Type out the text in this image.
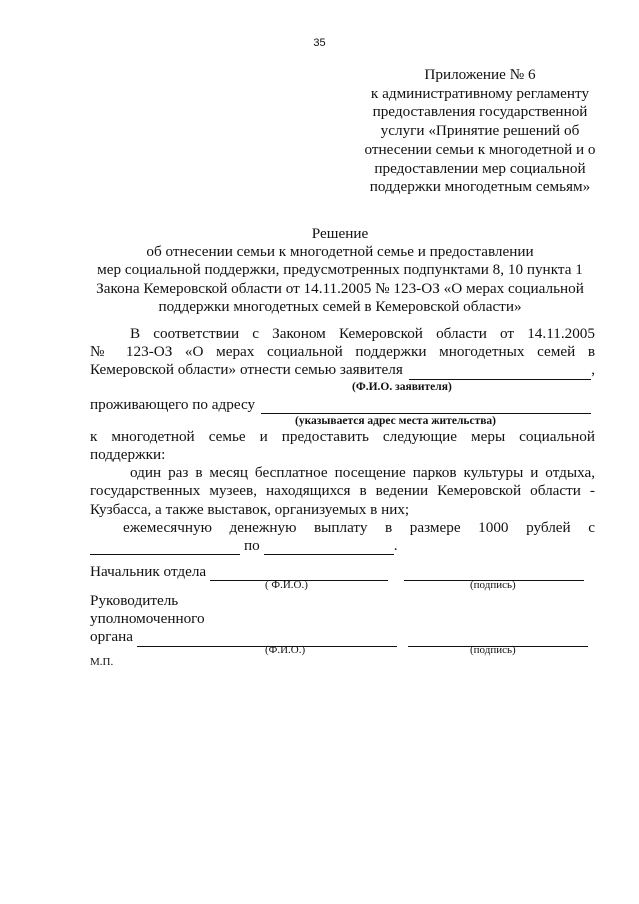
35
Приложение № 6
к административному регламенту
предоставления государственной
услуги «Принятие решений об
отнесении семьи к многодетной и о
предоставлении мер социальной
поддержки многодетным семьям»
Решение
об отнесении семьи к многодетной семье и предоставлении
мер социальной поддержки, предусмотренных подпунктами 8, 10 пункта 1
Закона Кемеровской области от 14.11.2005 № 123-ОЗ «О мерах социальной
поддержки многодетных семей в Кемеровской области»

В соответствии с Законом Кемеровской области от 14.11.2005

№ 123-ОЗ «О мерах социальной поддержки многодетных семей в

Кемеровской области» отнести семью заявителя	,
(Ф.И.О. заявителя)
проживающего по адресу
(указывается адрес места жительства)

к многодетной семье и предоставить следующие меры социальной

поддержки:

один раз в месяц бесплатное посещение парков культуры и отдыха,

государственных музеев, находящихся в ведении Кемеровской области -

Кузбасса, а также выставок, организуемых в них;

ежемесячную денежную выплату в размере 1000 рублей с

по	.
Начальник отдела
( Ф.И.О.)	(подпись)
Руководитель
уполномоченного
органа
(Ф.И.О.)	(подпись)
М.П.
